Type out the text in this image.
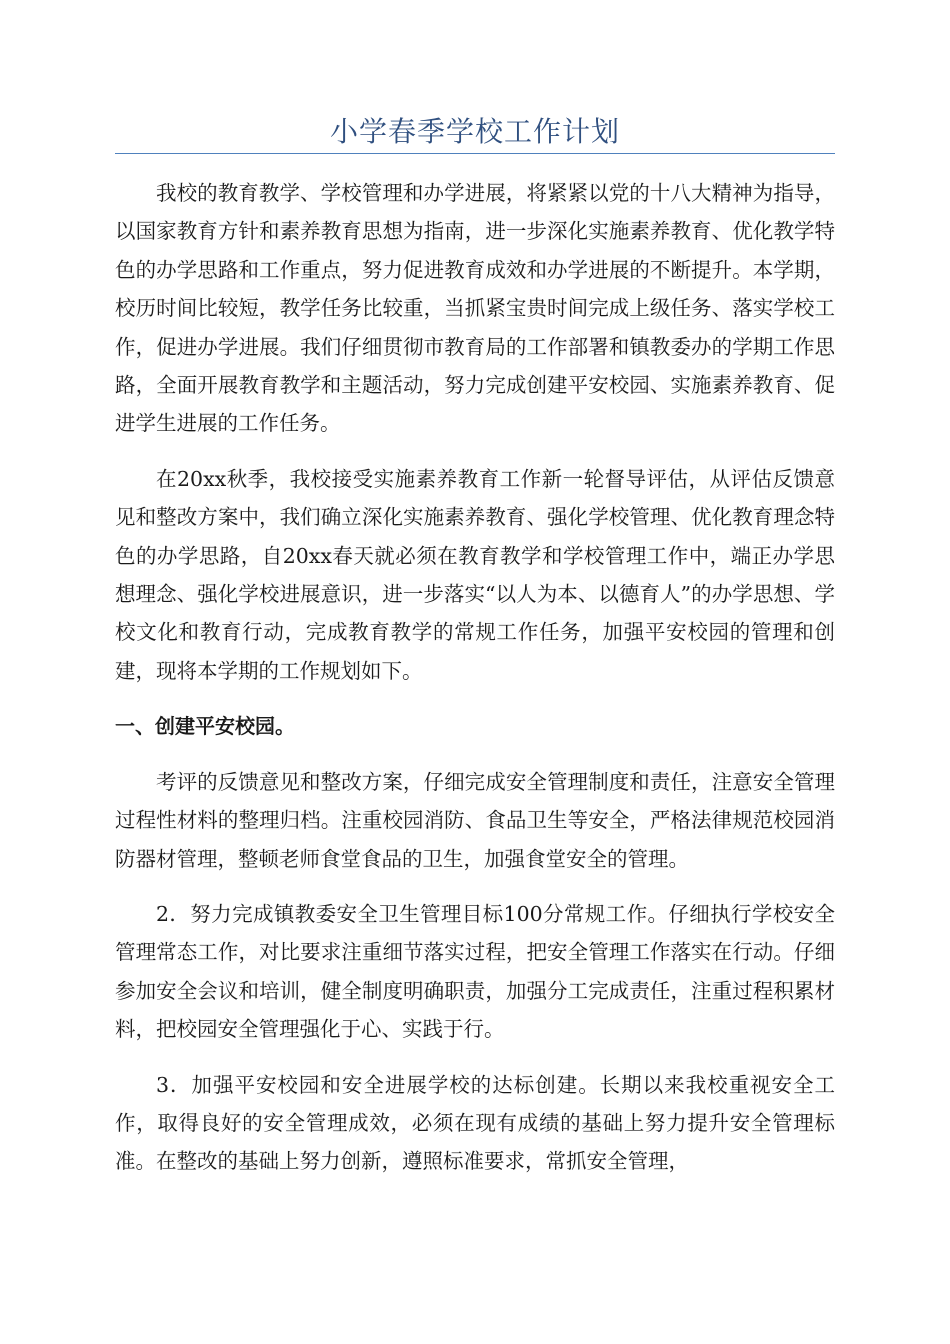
小学春季学校工作计划

我校的教育教学、学校管理和办学进展，将紧紧以党的十八大精神为指导，以国家教育方针和素养教育思想为指南，进一步深化实施素养教育、优化教学特色的办学思路和工作重点，努力促进教育成效和办学进展的不断提升。本学期，校历时间比较短，教学任务比较重，当抓紧宝贵时间完成上级任务、落实学校工作，促进办学进展。我们仔细贯彻市教育局的工作部署和镇教委办的学期工作思路，全面开展教育教学和主题活动，努力完成创建平安校园、实施素养教育、促进学生进展的工作任务。

在20xx秋季，我校接受实施素养教育工作新一轮督导评估，从评估反馈意见和整改方案中，我们确立深化实施素养教育、强化学校管理、优化教育理念特色的办学思路，自20xx春天就必须在教育教学和学校管理工作中，端正办学思想理念、强化学校进展意识，进一步落实“以人为本、以德育人”的办学思想、学校文化和教育行动，完成教育教学的常规工作任务，加强平安校园的管理和创建，现将本学期的工作规划如下。

一、创建平安校园。

考评的反馈意见和整改方案，仔细完成安全管理制度和责任，注意安全管理过程性材料的整理归档。注重校园消防、食品卫生等安全，严格法律规范校园消防器材管理，整顿老师食堂食品的卫生，加强食堂安全的管理。

2．努力完成镇教委安全卫生管理目标100分常规工作。仔细执行学校安全管理常态工作，对比要求注重细节落实过程，把安全管理工作落实在行动。仔细参加安全会议和培训，健全制度明确职责，加强分工完成责任，注重过程积累材料，把校园安全管理强化于心、实践于行。

3．加强平安校园和安全进展学校的达标创建。长期以来我校重视安全工作，取得良好的安全管理成效，必须在现有成绩的基础上努力提升安全管理标准。在整改的基础上努力创新，遵照标准要求，常抓安全管理，
